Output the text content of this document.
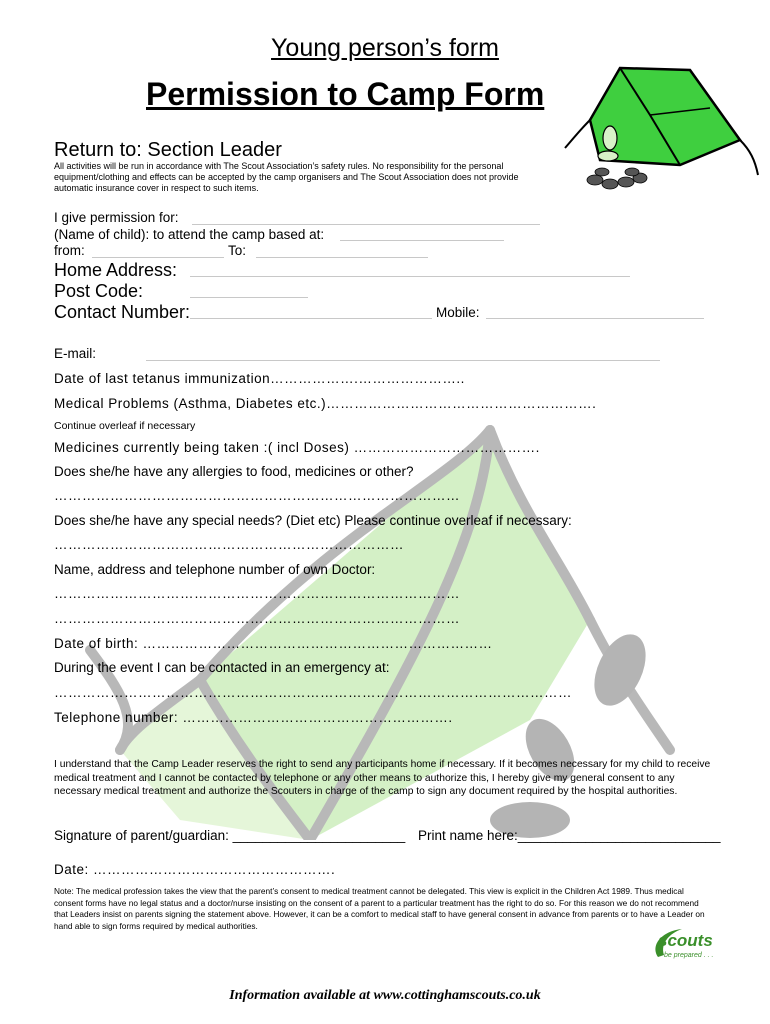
Young person’s form
Permission to Camp Form
Return to: Section Leader
All activities will be run in accordance with The Scout Association’s safety rules. No responsibility for the personal equipment/clothing and effects can be accepted by the camp organisers and The Scout Association does not provide automatic insurance cover in respect to such items.
I give permission for:
(Name of child): to attend the camp based at:
from:	To:
Home Address:
Post Code:
Contact Number:	Mobile:
E-mail:
Date of last tetanus immunization……………….…………………..
Medical Problems (Asthma, Diabetes etc.)………………………………………………….
Continue overleaf if necessary
Medicines currently being taken :( incl Doses) ………………………………….
Does she/he have any allergies to food, medicines or other?
……………………………………………………………………………
Does she/he have any special needs? (Diet etc) Please continue overleaf if necessary:
…………………………………………………………………
Name, address and telephone number of own Doctor:
……………………………………………………………………………
……………………………………………………………………………
Date of birth: …………………………………………………………………
During the event I can be contacted in an emergency at:
…………………………………………………………………………………………………
Telephone number: ………………………………………………….
I understand that the Camp Leader reserves the right to send any participants home if necessary. If it becomes necessary for my child to receive medical treatment and I cannot be contacted by telephone or any other means to authorize this, I hereby give my general consent to any necessary medical treatment and authorize the Scouters in charge of the camp to sign any document required by the hospital authorities.
Signature of parent/guardian: _______________________ Print name here:___________________________
Date: …………………………………………….
Note: The medical profession takes the view that the parent’s consent to medical treatment cannot be delegated. This view is explicit in the Children Act 1989. Thus medical consent forms have no legal status and a doctor/nurse insisting on the consent of a parent to a particular treatment has the right to do so. For this reason we do not recommend that Leaders insist on parents signing the statement above. However, it can be a comfort to medical staff to have general consent in advance from parents or to have a Leader on hand able to sign forms required by medical authorities.
scouts
be prepared . . .
Information available at www.cottinghamscouts.co.uk
